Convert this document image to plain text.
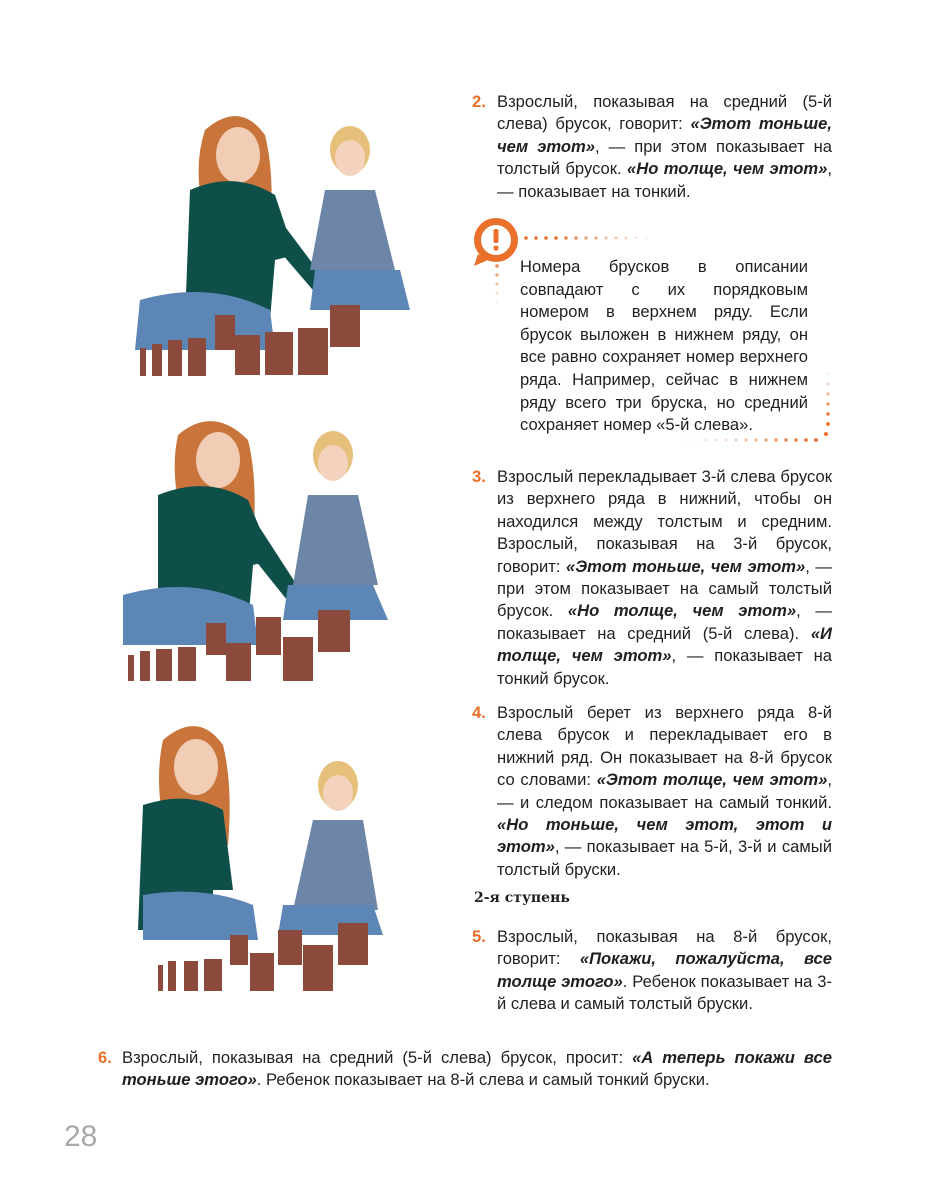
2. Взрослый, показывая на средний (5-й слева) брусок, говорит: «Этот тоньше, чем этот», — при этом показывает на толстый брусок. «Но толще, чем этот», — показывает на тонкий.
Номера брусков в описании совпадают с их порядковым номером в верхнем ряду. Если брусок выложен в нижнем ряду, он все равно сохраняет номер верхнего ряда. Например, сейчас в нижнем ряду всего три бруска, но средний сохраняет номер «5-й слева».
3. Взрослый перекладывает 3-й слева брусок из верхнего ряда в нижний, чтобы он находился между толстым и средним. Взрослый, показывая на 3-й брусок, говорит: «Этот тоньше, чем этот», — при этом показывает на самый толстый брусок. «Но толще, чем этот», — показывает на средний (5-й слева). «И толще, чем этот», — показывает на тонкий брусок.
4. Взрослый берет из верхнего ряда 8-й слева брусок и перекладывает его в нижний ряд. Он показывает на 8-й брусок со словами: «Этот толще, чем этот», — и следом показывает на самый тонкий. «Но тоньше, чем этот, этот и этот», — показывает на 5-й, 3-й и самый толстый бруски.
2-я ступень
5. Взрослый, показывая на 8-й брусок, говорит: «Покажи, пожалуйста, все толще этого». Ребенок показывает на 3-й слева и самый толстый бруски.
6. Взрослый, показывая на средний (5-й слева) брусок, просит: «А теперь покажи все тоньше этого». Ребенок показывает на 8-й слева и самый тонкий бруски.
28
